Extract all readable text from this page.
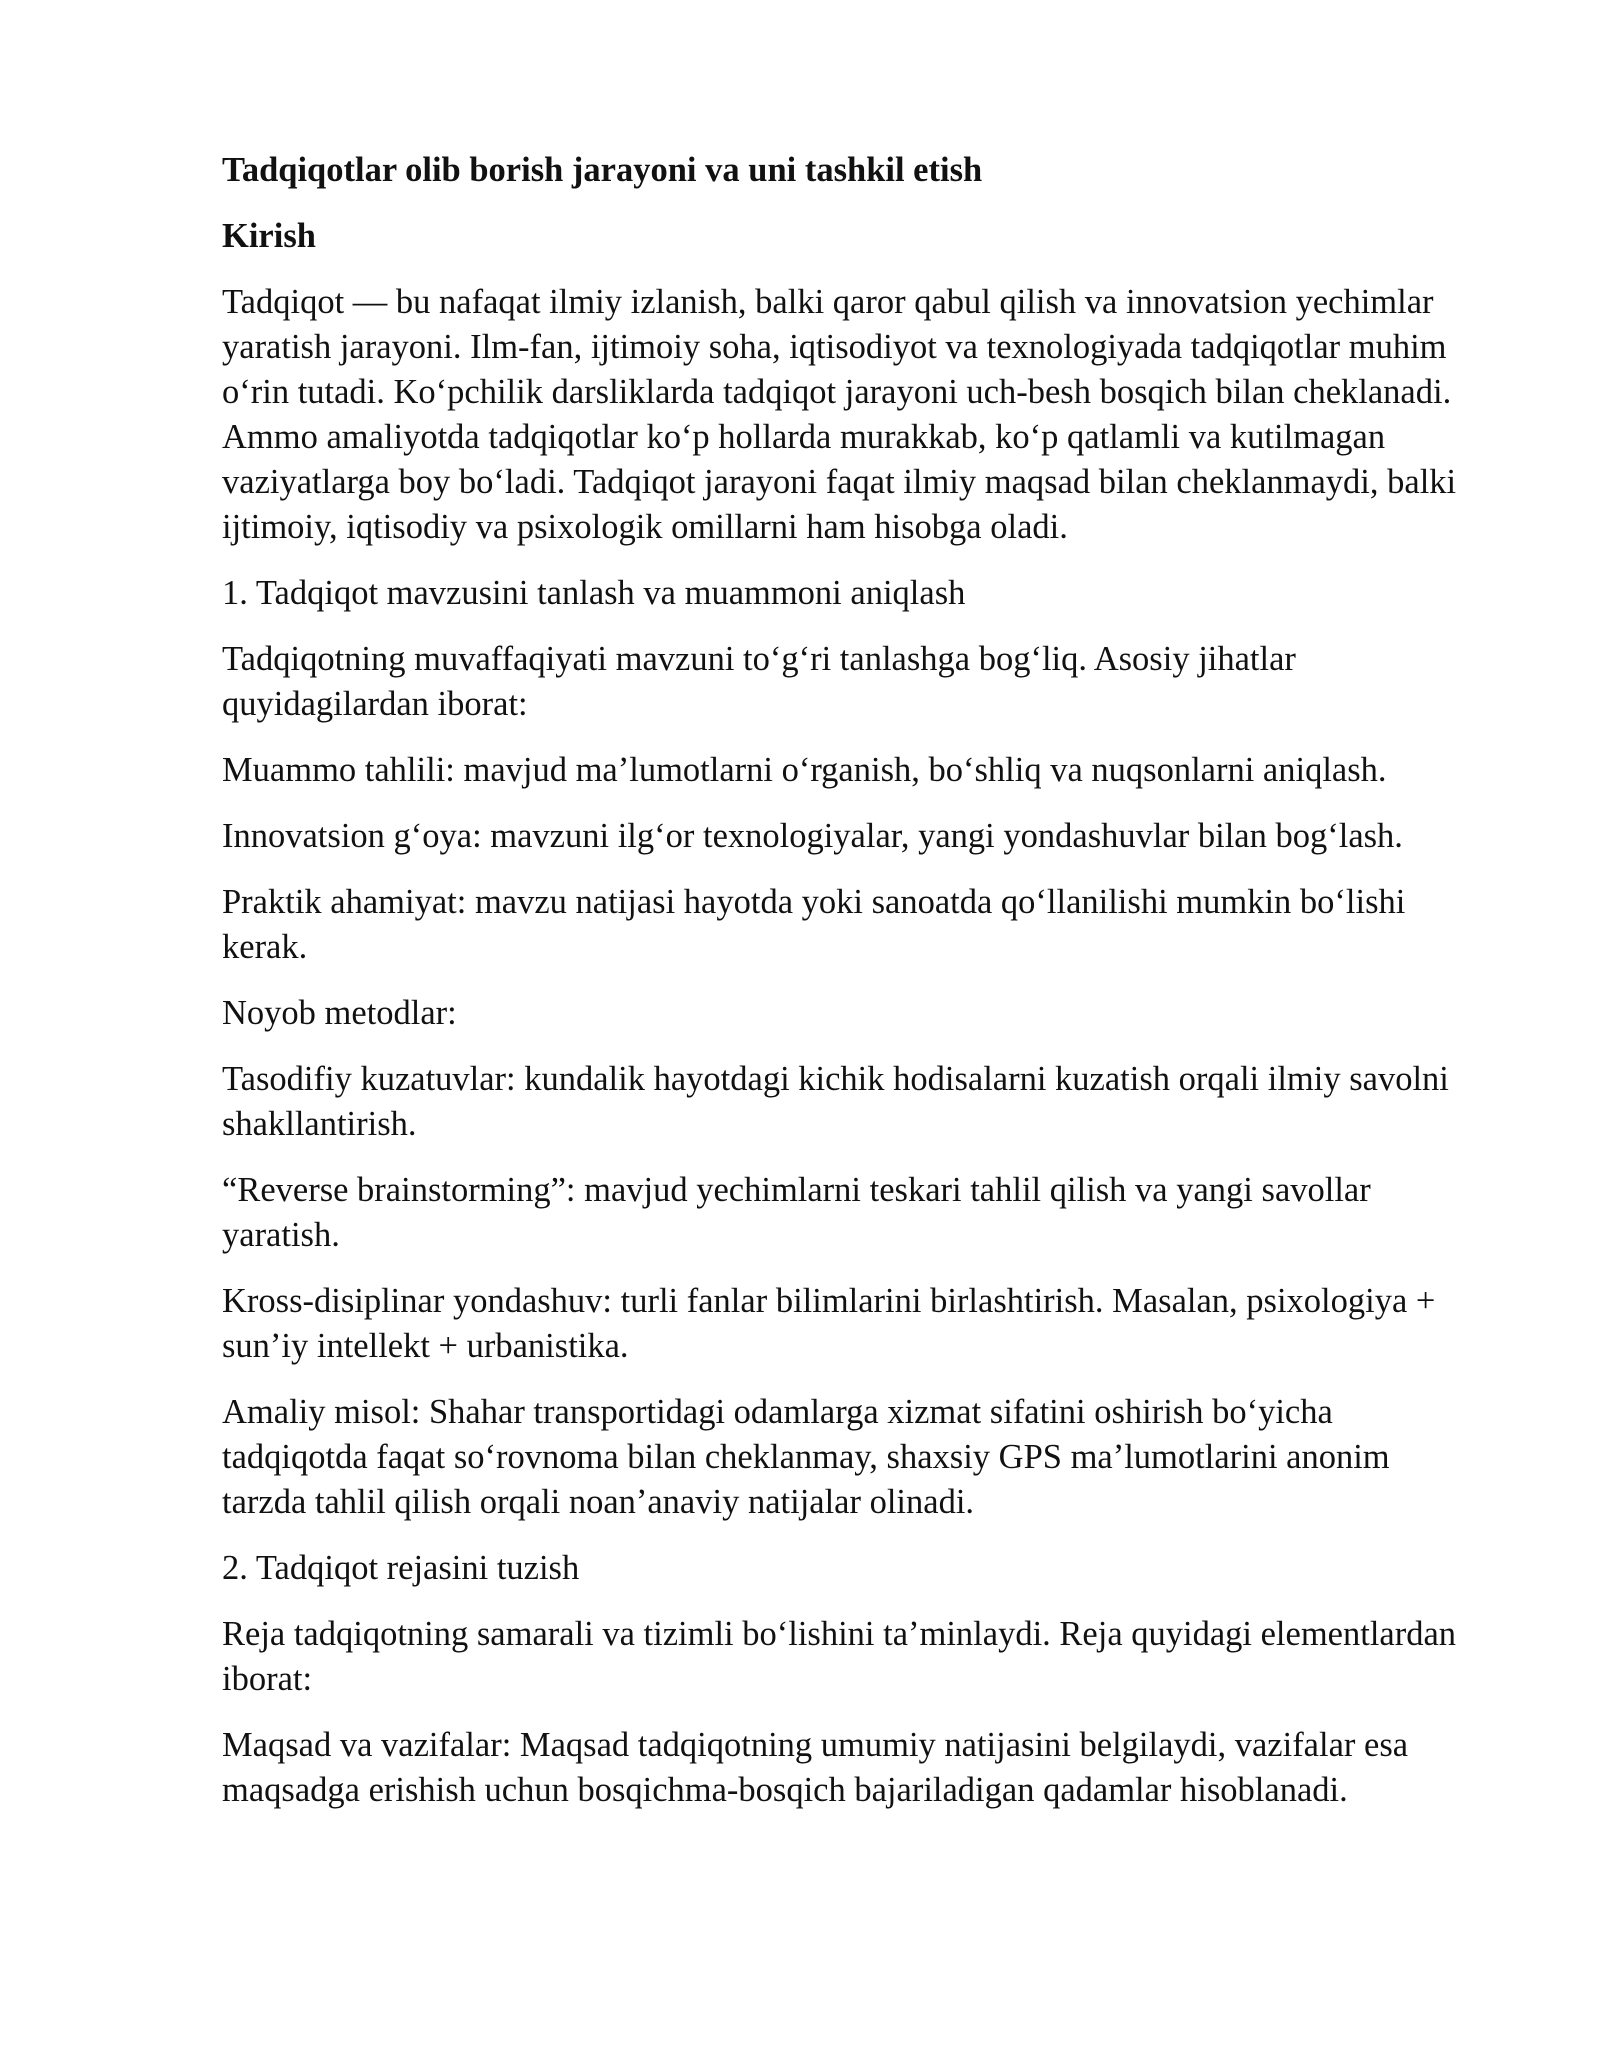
Tadqiqotlar olib borish jarayoni va uni tashkil etish

Kirish

Tadqiqot — bu nafaqat ilmiy izlanish, balki qaror qabul qilish va innovatsion yechimlar yaratish jarayoni. Ilm-fan, ijtimoiy soha, iqtisodiyot va texnologiyada tadqiqotlar muhim oʻrin tutadi. Koʻpchilik darsliklarda tadqiqot jarayoni uch-besh bosqich bilan cheklanadi. Ammo amaliyotda tadqiqotlar koʻp hollarda murakkab, koʻp qatlamli va kutilmagan vaziyatlarga boy boʻladi. Tadqiqot jarayoni faqat ilmiy maqsad bilan cheklanmaydi, balki ijtimoiy, iqtisodiy va psixologik omillarni ham hisobga oladi.

1. Tadqiqot mavzusini tanlash va muammoni aniqlash

Tadqiqotning muvaffaqiyati mavzuni toʻgʻri tanlashga bogʻliq. Asosiy jihatlar quyidagilardan iborat:

Muammo tahlili: mavjud maʼlumotlarni oʻrganish, boʻshliq va nuqsonlarni aniqlash.

Innovatsion gʻoya: mavzuni ilgʻor texnologiyalar, yangi yondashuvlar bilan bogʻlash.

Praktik ahamiyat: mavzu natijasi hayotda yoki sanoatda qoʻllanilishi mumkin boʻlishi kerak.

Noyob metodlar:

Tasodifiy kuzatuvlar: kundalik hayotdagi kichik hodisalarni kuzatish orqali ilmiy savolni shakllantirish.

“Reverse brainstorming”: mavjud yechimlarni teskari tahlil qilish va yangi savollar yaratish.

Kross-disiplinar yondashuv: turli fanlar bilimlarini birlashtirish. Masalan, psixologiya + sunʼiy intellekt + urbanistika.

Amaliy misol: Shahar transportidagi odamlarga xizmat sifatini oshirish boʻyicha tadqiqotda faqat soʻrovnoma bilan cheklanmay, shaxsiy GPS maʼlumotlarini anonim tarzda tahlil qilish orqali noanʼanaviy natijalar olinadi.

2. Tadqiqot rejasini tuzish

Reja tadqiqotning samarali va tizimli boʻlishini taʼminlaydi. Reja quyidagi elementlardan iborat:

Maqsad va vazifalar: Maqsad tadqiqotning umumiy natijasini belgilaydi, vazifalar esa maqsadga erishish uchun bosqichma-bosqich bajariladigan qadamlar hisoblanadi.
